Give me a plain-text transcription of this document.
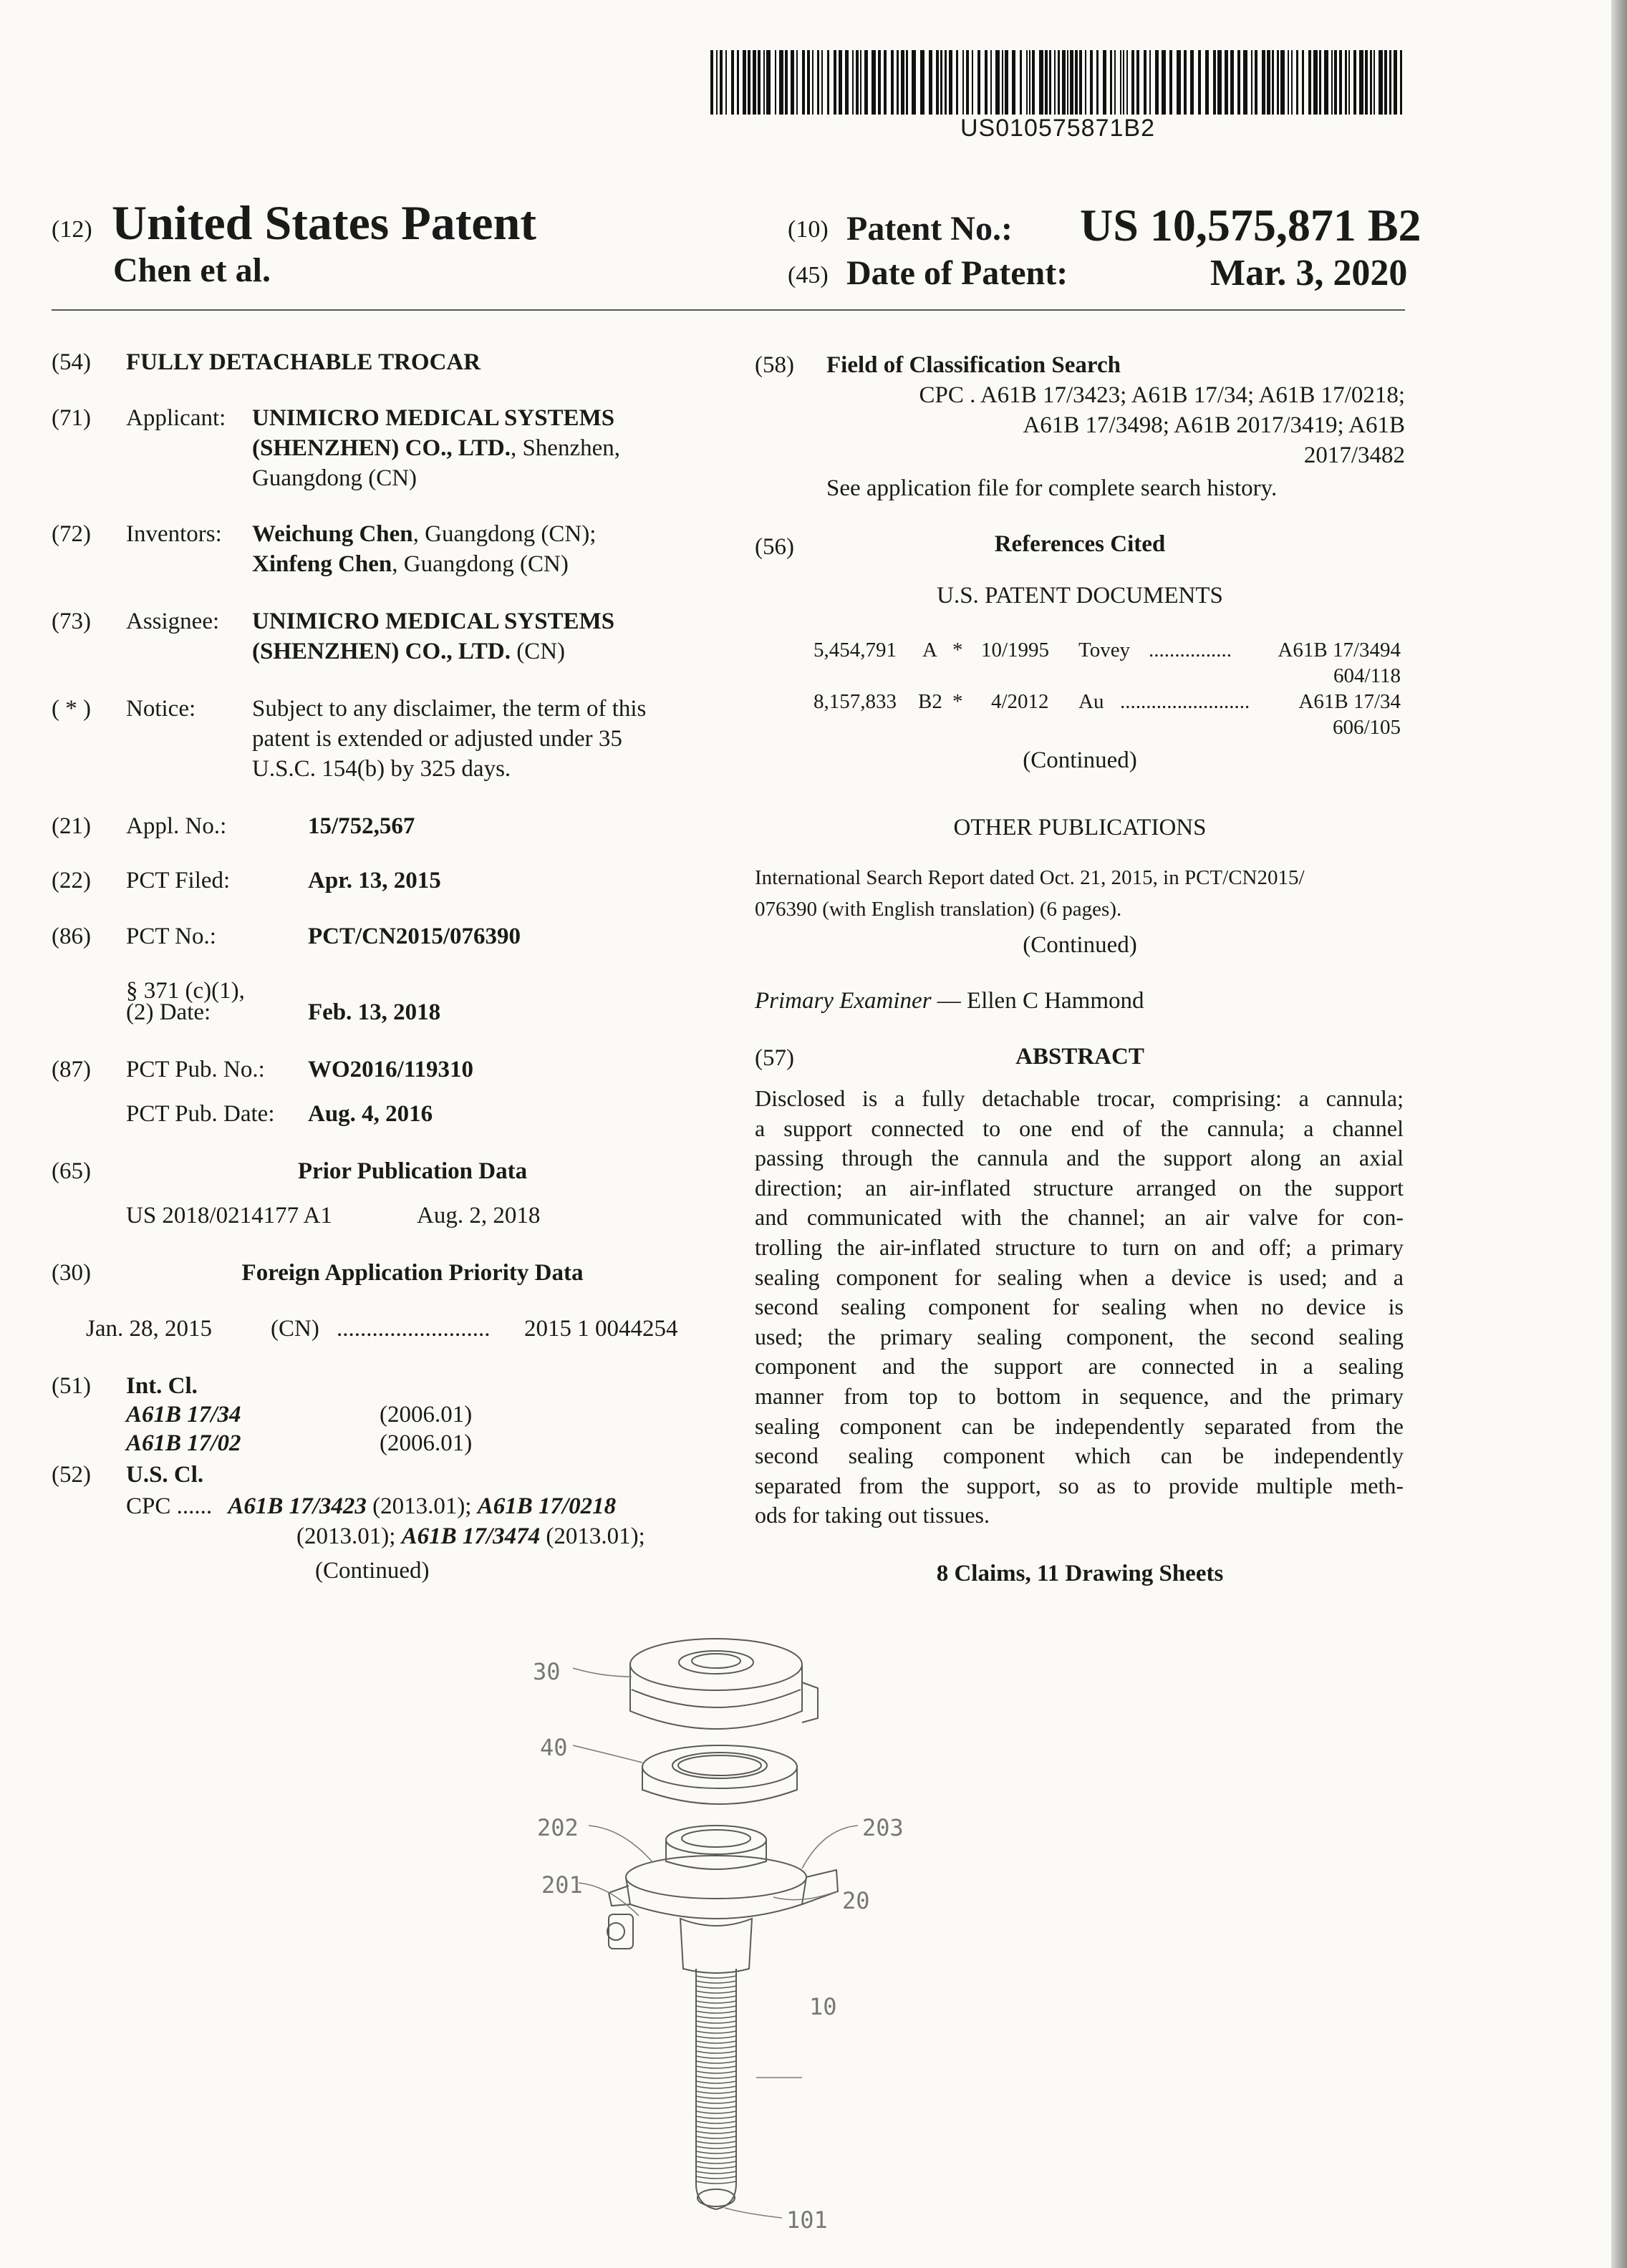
US010575871B2
(12) United States Patent
Chen et al.
(10) Patent No.: US 10,575,871 B2
(45) Date of Patent:	Mar. 3, 2020
(54) FULLY DETACHABLE TROCAR
(71) Applicant: UNIMICRO MEDICAL SYSTEMS
(SHENZHEN) CO., LTD., Shenzhen,
Guangdong (CN)
(72) Inventors: Weichung Chen, Guangdong (CN);
Xinfeng Chen, Guangdong (CN)
(73) Assignee: UNIMICRO MEDICAL SYSTEMS
(SHENZHEN) CO., LTD. (CN)
( * ) Notice: Subject to any disclaimer, the term of this
patent is extended or adjusted under 35
U.S.C. 154(b) by 325 days.
(21) Appl. No.:	15/752,567
(22) PCT Filed:	Apr. 13, 2015
(86) PCT No.:	PCT/CN2015/076390
§ 371 (c)(1),
(2) Date:	Feb. 13, 2018
(87) PCT Pub. No.: WO2016/119310
PCT Pub. Date: Aug. 4, 2016
(65)	Prior Publication Data
US 2018/0214177 A1	Aug. 2, 2018
(30)	Foreign Application Priority Data
Jan. 28, 2015 (CN) .......................... 2015 1 0044254
(51) Int. Cl.
A61B 17/34	(2006.01)
A61B 17/02	(2006.01)
(52) U.S. Cl.
CPC ...... A61B 17/3423 (2013.01); A61B 17/0218
(2013.01); A61B 17/3474 (2013.01);
(Continued)
(58) Field of Classification Search
CPC . A61B 17/3423; A61B 17/34; A61B 17/0218;
A61B 17/3498; A61B 2017/3419; A61B
2017/3482
See application file for complete search history.
(56)	References Cited
U.S. PATENT DOCUMENTS
5,454,791 A * 10/1995 Tovey ................	A61B 17/3494
604/118
8,157,833 B2 * 4/2012 Au .........................	A61B 17/34
606/105
(Continued)
OTHER PUBLICATIONS
International Search Report dated Oct. 21, 2015, in PCT/CN2015/
076390 (with English translation) (6 pages).
(Continued)
Primary Examiner — Ellen C Hammond
(57)	ABSTRACT
Disclosed is a fully detachable trocar, comprising: a cannula;
a support connected to one end of the cannula; a channel
passing through the cannula and the support along an axial
direction; an air-inflated structure arranged on the support
and communicated with the channel; an air valve for con-
trolling the air-inflated structure to turn on and off; a primary
sealing component for sealing when a device is used; and a
second sealing component for sealing when no device is
used; the primary sealing component, the second sealing
component and the support are connected in a sealing
manner from top to bottom in sequence, and the primary
sealing component can be independently separated from the
second sealing component which can be independently
separated from the support, so as to provide multiple meth-
ods for taking out tissues.
8 Claims, 11 Drawing Sheets
30
40
202	203
201
20
10
101
